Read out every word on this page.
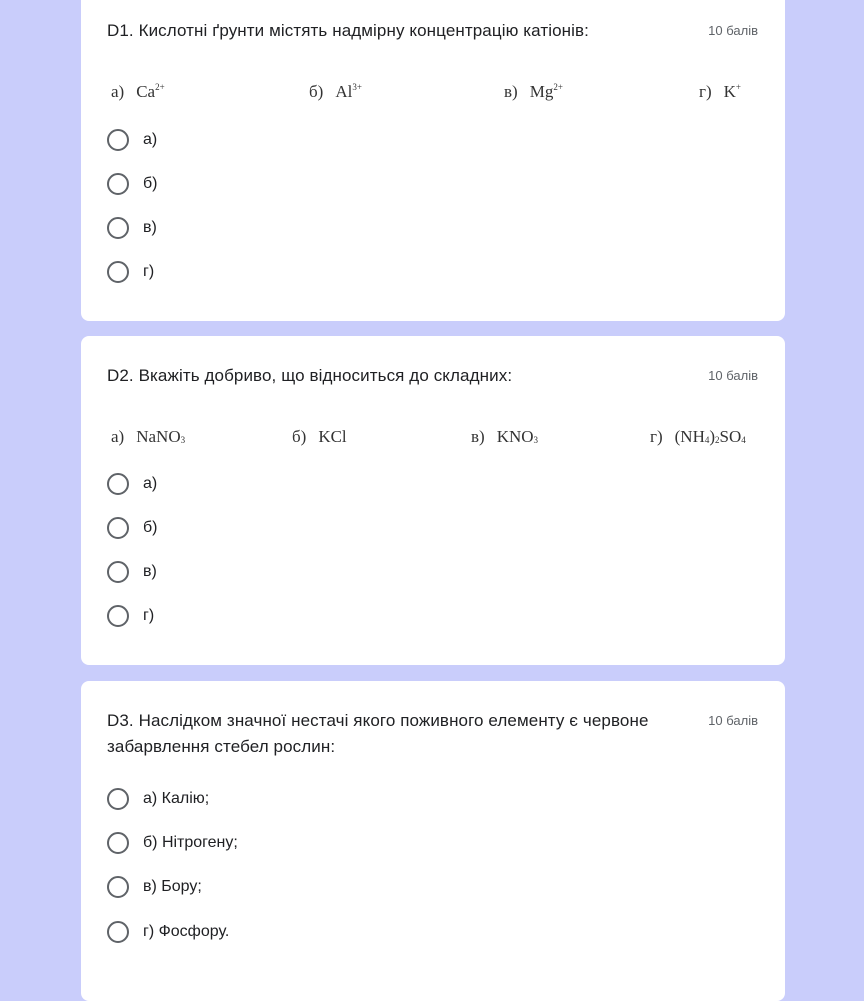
D1. Кислотні ґрунти містять надмірну концентрацію катіонів:	10 балів
а) $Ca^{2+}$	б) $Al^{3+}$	в) $Mg^{2+}$	г) K+
а)
б)
в)
г)
D2. Вкажіть добриво, що відноситься до складних:	10 балів
а) NaNO$_3$	б) KCl	в) $KNO_3$	г) $(NH_4)_2SO_4$
а)
б)
в)
г)
D3. Наслідком значної нестачі якого поживного елементу є червоне забарвлення стебел рослин:
10 балів
а) Калію;
б) Нітрогену;
в) Бору;
г) Фосфору.
